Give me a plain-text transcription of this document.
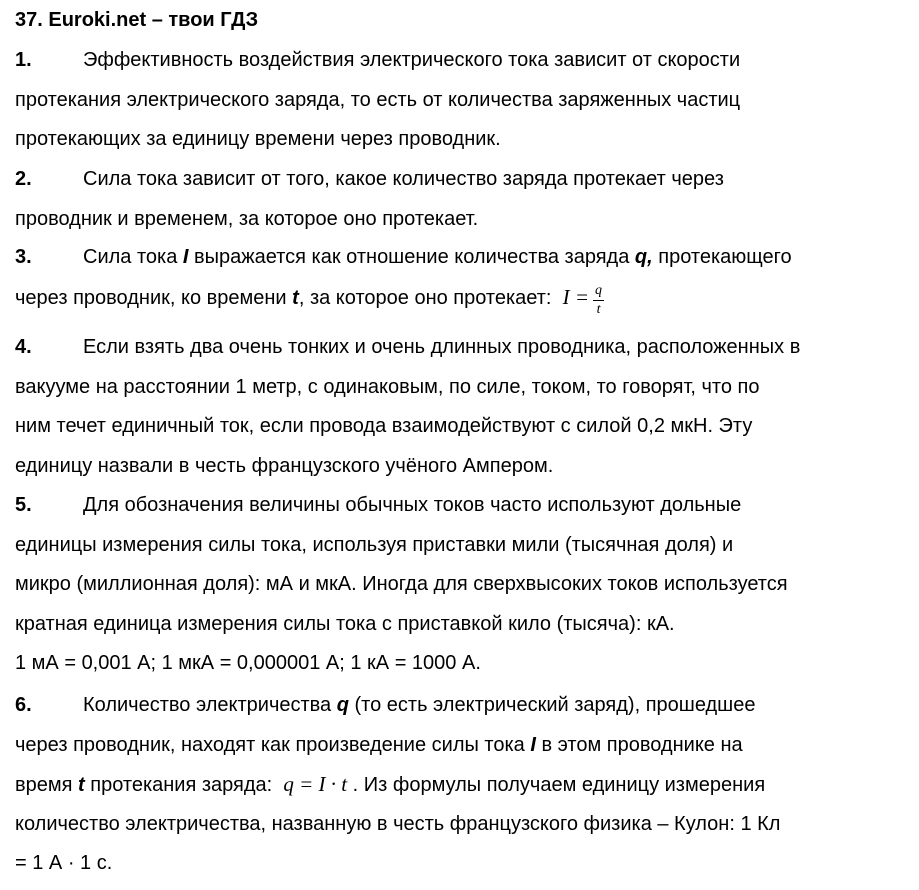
37. Euroki.net – твои ГДЗ
1.	Эффективность воздействия электрического тока зависит от скорости
протекания электрического заряда, то есть от количества заряженных частиц
протекающих за единицу времени через проводник.
2.	Сила тока зависит от того, какое количество заряда протекает через
проводник и временем, за которое оно протекает.
3.	Сила тока I выражается как отношение количества заряда q, протекающего
через проводник, ко времени t, за которое оно протекает: $I = \frac{q}{t}$
4.	Если взять два очень тонких и очень длинных проводника, расположенных в
вакууме на расстоянии 1 метр, с одинаковым, по силе, током, то говорят, что по
ним течет единичный ток, если провода взаимодействуют с силой 0,2 мкН. Эту
единицу назвали в честь французского учёного Ампером.
5.	Для обозначения величины обычных токов часто используют дольные
единицы измерения силы тока, используя приставки мили (тысячная доля) и
микро (миллионная доля): мА и мкА. Иногда для сверхвысоких токов используется
кратная единица измерения силы тока с приставкой кило (тысяча): кА.
1 мА = 0,001 А; 1 мкА = 0,000001 А; 1 кА = 1000 А.
6.	Количество электричества q (то есть электрический заряд), прошедшее
через проводник, находят как произведение силы тока I в этом проводнике на
время t протекания заряда: q = I · t . Из формулы получаем единицу измерения
количество электричества, названную в честь французского физика – Кулон: 1 Кл
= 1 А · 1 с.
